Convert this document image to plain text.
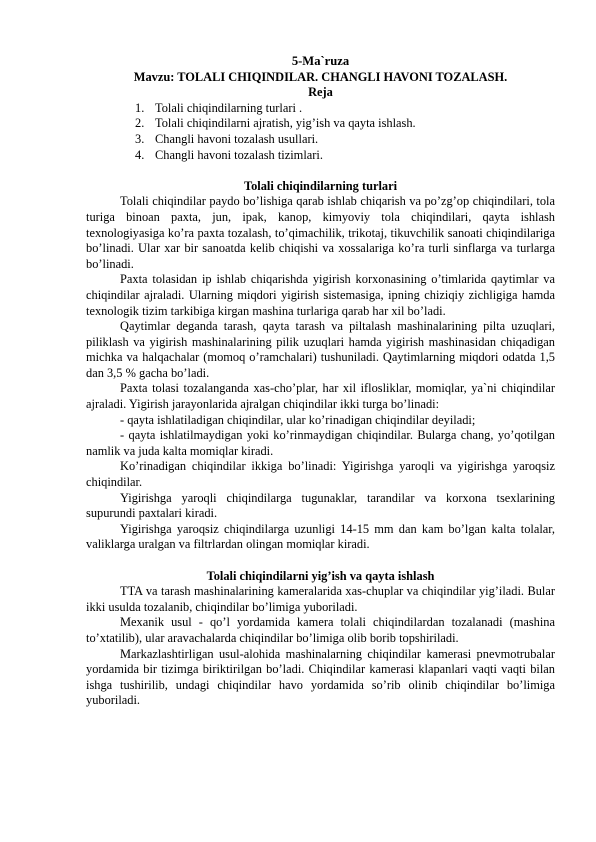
5-Ma`ruza
Mavzu: TOLALI CHIQINDILAR. CHANGLI HAVONI TOZALASH.
Reja
1. Tolali chiqindilarning turlari .
2. Tolali chiqindilarni ajratish, yig’ish va qayta ishlash.
3. Changli havoni tozalash usullari.
4. Changli havoni tozalash tizimlari.
Tolali chiqindilarning turlari

Tolali chiqindilar paydo bo’lishiga qarab ishlab chiqarish va po’zg’op chiqindilari, tola turiga binoan paxta, jun, ipak, kanop, kimyoviy tola chiqindilari, qayta ishlash texnologiyasiga ko’ra paxta tozalash, to’qimachilik, trikotaj, tikuvchilik sanoati chiqindilariga bo’linadi. Ular xar bir sanoatda kelib chiqishi va xossalariga ko’ra turli sinflarga va turlarga bo’linadi.

Paxta tolasidan ip ishlab chiqarishda yigirish korxonasining o’timlarida qaytimlar va chiqindilar ajraladi. Ularning miqdori yigirish sistemasiga, ipning chiziqiy zichligiga hamda texnologik tizim tarkibiga kirgan mashina turlariga qarab har xil bo’ladi.

Qaytimlar deganda tarash, qayta tarash va piltalash mashinalarining pilta uzuqlari, piliklash va yigirish mashinalarining pilik uzuqlari hamda yigirish mashinasidan chiqadigan michka va halqachalar (momoq o’ramchalari) tushuniladi. Qaytimlarning miqdori odatda 1,5 dan 3,5 % gacha bo’ladi.

Paxta tolasi tozalanganda xas-cho’plar, har xil iflosliklar, momiqlar, ya`ni chiqindilar ajraladi. Yigirish jarayonlarida ajralgan chiqindilar ikki turga bo’linadi:

- qayta ishlatiladigan chiqindilar, ular ko’rinadigan chiqindilar deyiladi;

- qayta ishlatilmaydigan yoki ko’rinmaydigan chiqindilar. Bularga chang, yo’qotilgan namlik va juda kalta momiqlar kiradi.

Ko’rinadigan chiqindilar ikkiga bo’linadi: Yigirishga yaroqli va yigirishga yaroqsiz chiqindilar.

Yigirishga yaroqli chiqindilarga tugunaklar, tarandilar va korxona tsexlarining supurundi paxtalari kiradi.

Yigirishga yaroqsiz chiqindilarga uzunligi 14-15 mm dan kam bo’lgan kalta tolalar, valiklarga uralgan va filtrlardan olingan momiqlar kiradi.

Tolali chiqindilarni yig’ish va qayta ishlash

TTA va tarash mashinalarining kameralarida xas-chuplar va chiqindilar yig’iladi. Bular ikki usulda tozalanib, chiqindilar bo’limiga yuboriladi.

Mexanik usul - qo’l yordamida kamera tolali chiqindilardan tozalanadi (mashina to’xtatilib), ular aravachalarda chiqindilar bo’limiga olib borib topshiriladi.

Markazlashtirligan usul-alohida mashinalarning chiqindilar kamerasi pnevmotrubalar yordamida bir tizimga biriktirilgan bo’ladi. Chiqindilar kamerasi klapanlari vaqti vaqti bilan ishga tushirilib, undagi chiqindilar havo yordamida so’rib olinib chiqindilar bo’limiga yuboriladi.
